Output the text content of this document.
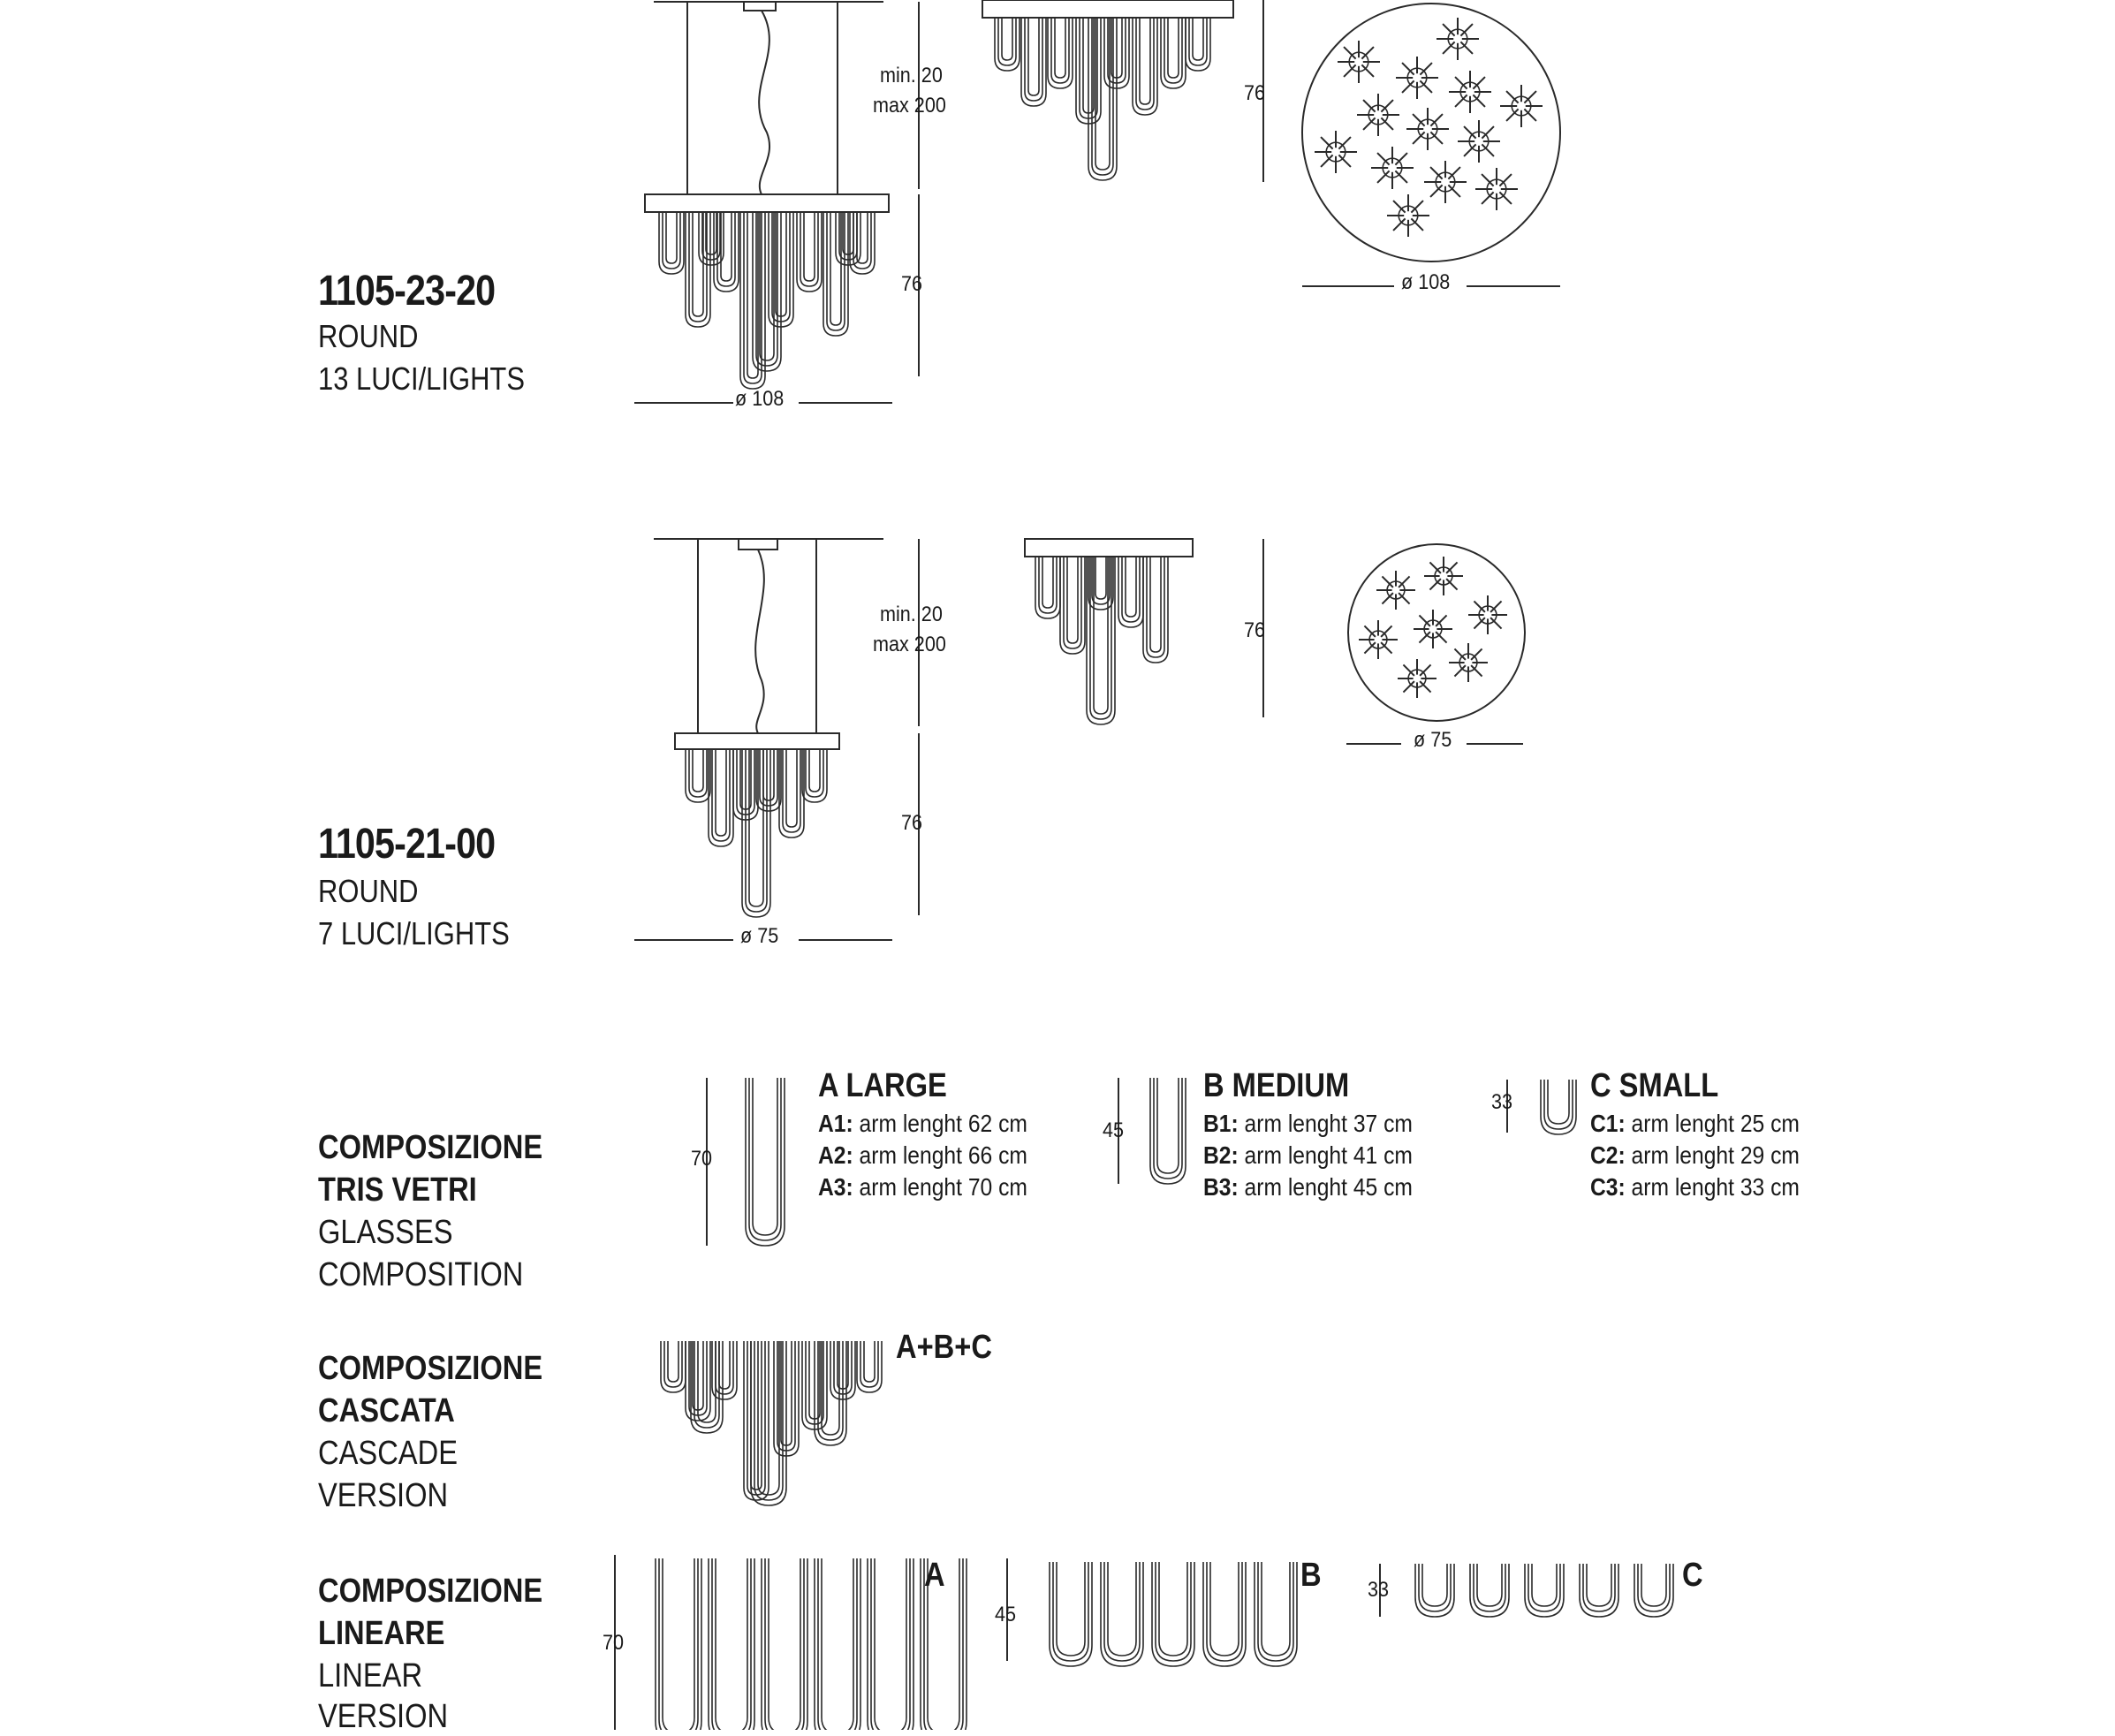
1105-23-20
ROUND
13 LUCI/LIGHTS
min. 20
max 200
76
ø 108
76
ø 108
1105-21-00
ROUND
7 LUCI/LIGHTS
min. 20
max 200
76
ø 75
76
ø 75
COMPOSIZIONE
TRIS VETRI
GLASSES
COMPOSITION
A LARGE
A1: arm lenght 62 cm
A2: arm lenght 66 cm
A3: arm lenght 70 cm
70
B MEDIUM
B1: arm lenght 37 cm
B2: arm lenght 41 cm
B3: arm lenght 45 cm
45
C SMALL
C1: arm lenght 25 cm
C2: arm lenght 29 cm
C3: arm lenght 33 cm
33
COMPOSIZIONE
CASCATA
CASCADE
VERSION
A+B+C
COMPOSIZIONE
LINEARE
LINEAR
VERSION
A	B	C
70
45
33
